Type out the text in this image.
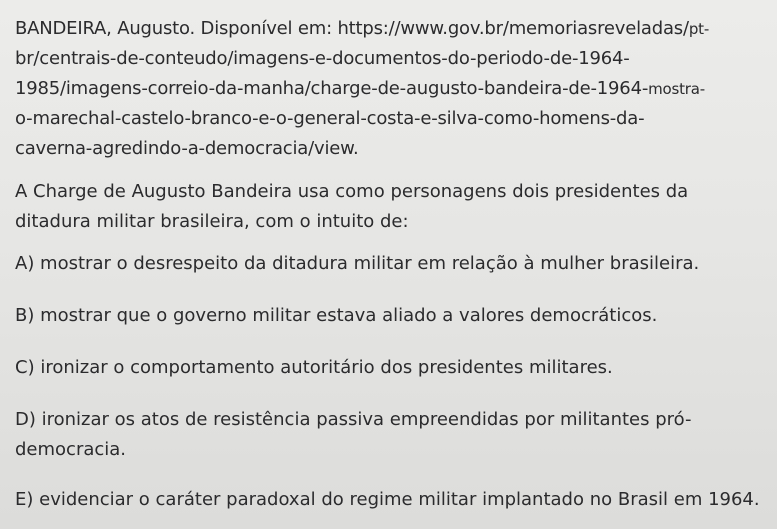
BANDEIRA, Augusto. Disponível em: https://www.gov.br/memoriasreveladas/pt-
br/centrais-de-conteudo/imagens-e-documentos-do-periodo-de-1964-
1985/imagens-correio-da-manha/charge-de-augusto-bandeira-de-1964-mostra-
o-marechal-castelo-branco-e-o-general-costa-e-silva-como-homens-da-
caverna-agredindo-a-democracia/view.

A Charge de Augusto Bandeira usa como personagens dois presidentes da
ditadura militar brasileira, com o intuito de:
A) mostrar o desrespeito da ditadura militar em relação à mulher brasileira.
B) mostrar que o governo militar estava aliado a valores democráticos.
C) ironizar o comportamento autoritário dos presidentes militares.
D) ironizar os atos de resistência passiva empreendidas por militantes pró-
democracia.
E) evidenciar o caráter paradoxal do regime militar implantado no Brasil em 1964.
